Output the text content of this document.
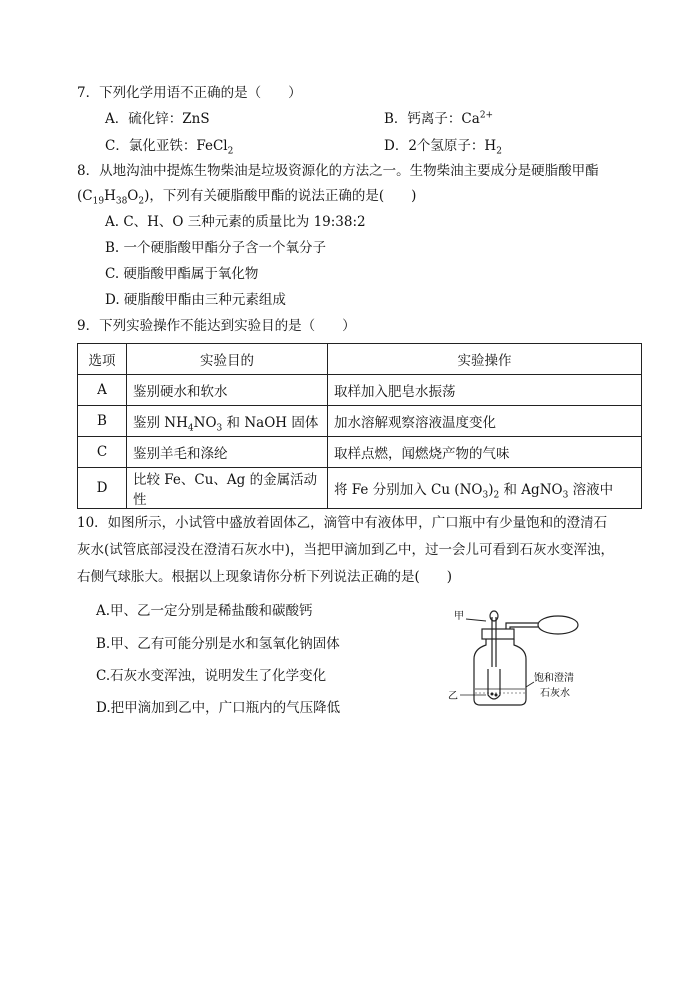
7．下列化学用语不正确的是（　　）
A．硫化锌：ZnS	B．钙离子：$Ca^{2+}$
C．氯化亚铁：FeCl$_2$	D．2个氢原子：$H_2$
8．从地沟油中提炼生物柴油是垃圾资源化的方法之一。生物柴油主要成分是硬脂酸甲酯
$(C_{19}H_{38}O_2)$，下列有关硬脂酸甲酯的说法正确的是(　　)
A. C、H、O 三种元素的质量比为 19:38:2
B. 一个硬脂酸甲酯分子含一个氧分子
C. 硬脂酸甲酯属于氧化物
D. 硬脂酸甲酯由三种元素组成
9．下列实验操作不能达到实验目的是（　　）
选项	实验目的	实验操作
A	鉴别硬水和软水	取样加入肥皂水振荡
B	鉴别 $NH_4NO_3$ 和 NaOH 固体	加水溶解观察溶液温度变化
C	鉴别羊毛和涤纶	取样点燃，闻燃烧产物的气味
D	比较 Fe、Cu、Ag 的金属活动性	将 Fe 分别加入 Cu $(NO_3)_2$ 和 AgNO$_3$ 溶液中
10．如图所示，小试管中盛放着固体乙，滴管中有液体甲，广口瓶中有少量饱和的澄清石
灰水(试管底部浸没在澄清石灰水中)，当把甲滴加到乙中，过一会儿可看到石灰水变浑浊，
右侧气球胀大。根据以上现象请你分析下列说法正确的是(　　)
A.甲、乙一定分别是稀盐酸和碳酸钙
B.甲、乙有可能分别是水和氢氧化钠固体
C.石灰水变浑浊，说明发生了化学变化
D.把甲滴加到乙中，广口瓶内的气压降低
甲
乙
饱和澄清
石灰水
